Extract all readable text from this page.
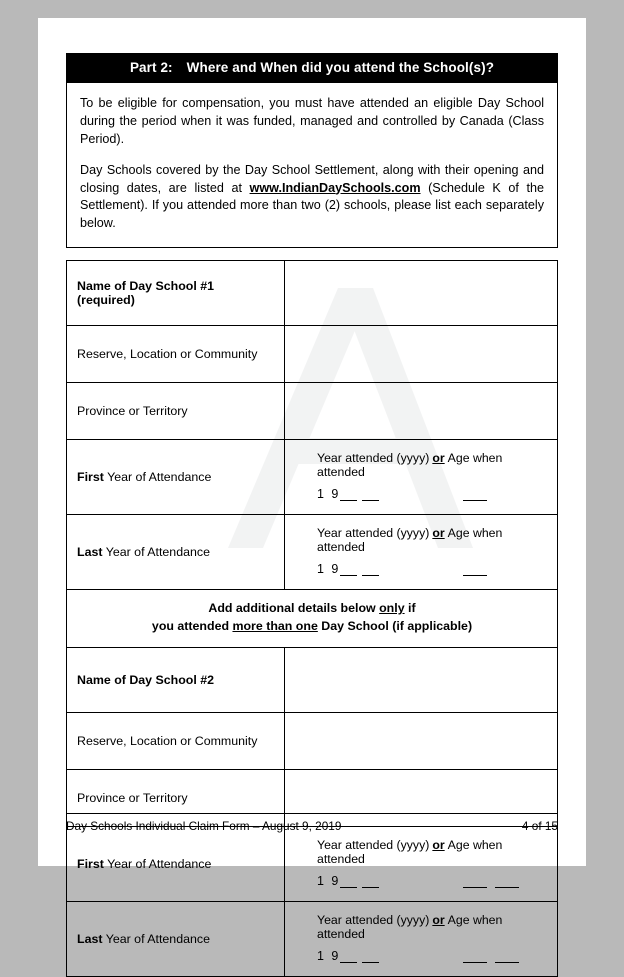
Part 2: Where and When did you attend the School(s)?

To be eligible for compensation, you must have attended an eligible Day School during the period when it was funded, managed and controlled by Canada (Class Period).

Day Schools covered by the Day School Settlement, along with their opening and closing dates, are listed at www.IndianDaySchools.com (Schedule K of the Settlement). If you attended more than two (2) schools, please list each separately below.

Name of Day School #1
(required)	
Reserve, Location or Community	
Province or Territory	
First Year of Attendance	Year attended (yyyy) or Age when attended
1 9

Last Year of Attendance	Year attended (yyyy) or Age when attended
1 9

Add additional details below only if
you attended more than one Day School (if applicable)	
Name of Day School #2	
Reserve, Location or Community	
Province or Territory	
First Year of Attendance	Year attended (yyyy) or Age when attended
1 9

Last Year of Attendance	Year attended (yyyy) or Age when attended
1 9
Day Schools Individual Claim Form – August 9, 2019	4 of 15
